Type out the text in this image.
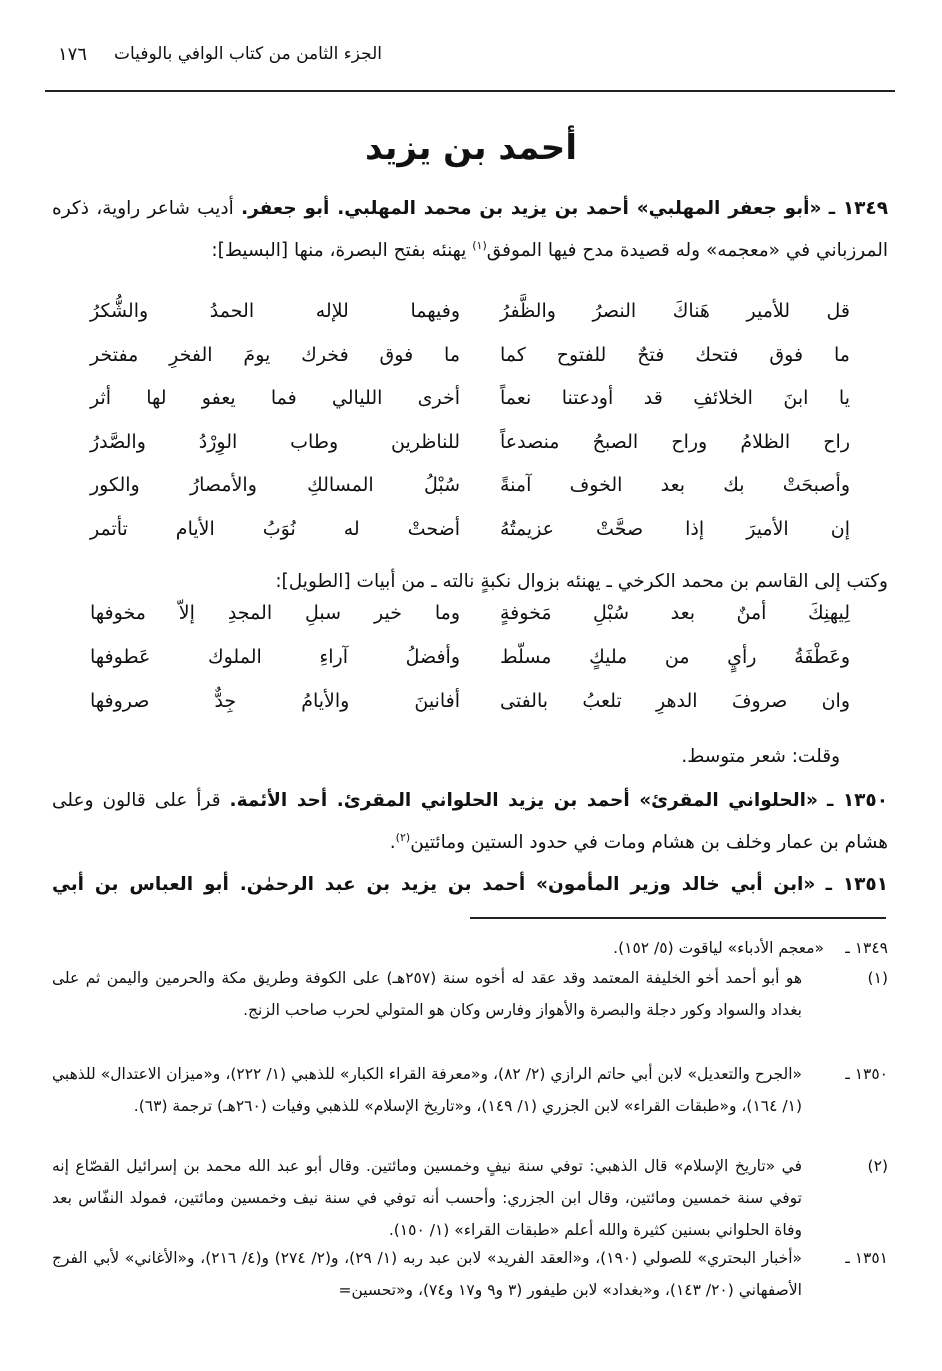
الجزء الثامن من كتاب الوافي بالوفيات
١٧٦
أحمد بن يزيد
١٣٤٩ ـ «أبو جعفر المهلبي» أحمد بن يزيد بن محمد المهلبي. أبو جعفر. أديب شاعر راوية، ذكره المرزباني في «معجمه» وله قصيدة مدح فيها الموفق$^{(١)}$ يهنئه بفتح البصرة، منها [البسيط]:
قل للأمير هَناكَ النصرُ والظَّفرُ
وفيهما للإله الحمدُ والشُّكرُ
ما فوق فتحك فتحٌ للفتوح كما
ما فوق فخرك يومَ الفخرِ مفتخر
يا ابنَ الخلائفِ قد أودعتنا نعماً
أخرى الليالي فما يعفو لها أثر
راح الظلامُ وراح الصبحُ منصدعاً
للناظرين وطاب الوِرْدُ والصَّدرُ
وأصبحَتْ بك بعد الخوف آمنةً
سُبْلُ المسالكِ والأمصارُ والكور
إن الأميرَ إذا صحَّتْ عزيمتُهُ
أضحتْ له نُوَبُ الأيام تأتمر
وكتب إلى القاسم بن محمد الكرخي ـ يهنئه بزوال نكبةٍ نالته ـ من أبيات [الطويل]:
لِيهنِكَ أمنٌ بعد سُبْلِ مَخوفةٍ
وما خير سبلِ المجدِ إلاّ مخوفها
وعَطْفَةُ رأيٍ من مليكٍ مسلّط
وأفضلُ آراءِ الملوك عَطوفها
وان صروفَ الدهرِ تلعبُ بالفتى
أفانينَ والأيامُ جِدٌّ صروفها
وقلت: شعر متوسط.
١٣٥٠ ـ «الحلواني المقرئ» أحمد بن يزيد الحلواني المقرئ. أحد الأئمة. قرأ على قالون وعلى هشام بن عمار وخلف بن هشام ومات في حدود الستين ومائتين$^{(٢)}$.
١٣٥١ ـ «ابن أبي خالد وزير المأمون» أحمد بن يزيد بن عبد الرحمٰن. أبو العباس بن أبي
١٣٤٩ ـ
«معجم الأدباء» لياقوت (٥/ ١٥٢).
(١)
هو أبو أحمد أخو الخليفة المعتمد وقد عقد له أخوه سنة (٢٥٧هـ) على الكوفة وطريق مكة والحرمين واليمن ثم على بغداد والسواد وكور دجلة والبصرة والأهواز وفارس وكان هو المتولي لحرب صاحب الزنج.
١٣٥٠ ـ
«الجرح والتعديل» لابن أبي حاتم الرازي (٢/ ٨٢)، و«معرفة القراء الكبار» للذهبي (١/ ٢٢٢)، و«ميزان الاعتدال» للذهبي (١/ ١٦٤)، و«طبقات القراء» لابن الجزري (١/ ١٤٩)، و«تاريخ الإسلام» للذهبي وفيات (٢٦٠هـ) ترجمة (٦٣).
(٢)
في «تاريخ الإسلام» قال الذهبي: توفي سنة نيفٍ وخمسين ومائتين. وقال أبو عبد الله محمد بن إسرائيل القصّاع إنه توفي سنة خمسين ومائتين، وقال ابن الجزري: وأحسب أنه توفي في سنة نيف وخمسين ومائتين، فمولد النفّاس بعد وفاة الحلواني بسنين كثيرة والله أعلم «طبقات القراء» (١/ ١٥٠).
١٣٥١ ـ
«أخبار البحتري» للصولي (١٩٠)، و«العقد الفريد» لابن عبد ربه (١/ ٢٩)، و(٢/ ٢٧٤) و(٤/ ٢١٦)، و«الأغاني» لأبي الفرج الأصفهاني (٢٠/ ١٤٣)، و«بغداد» لابن طيفور (٣ و٩ و١٧ و٧٤)، و«تحسين=
